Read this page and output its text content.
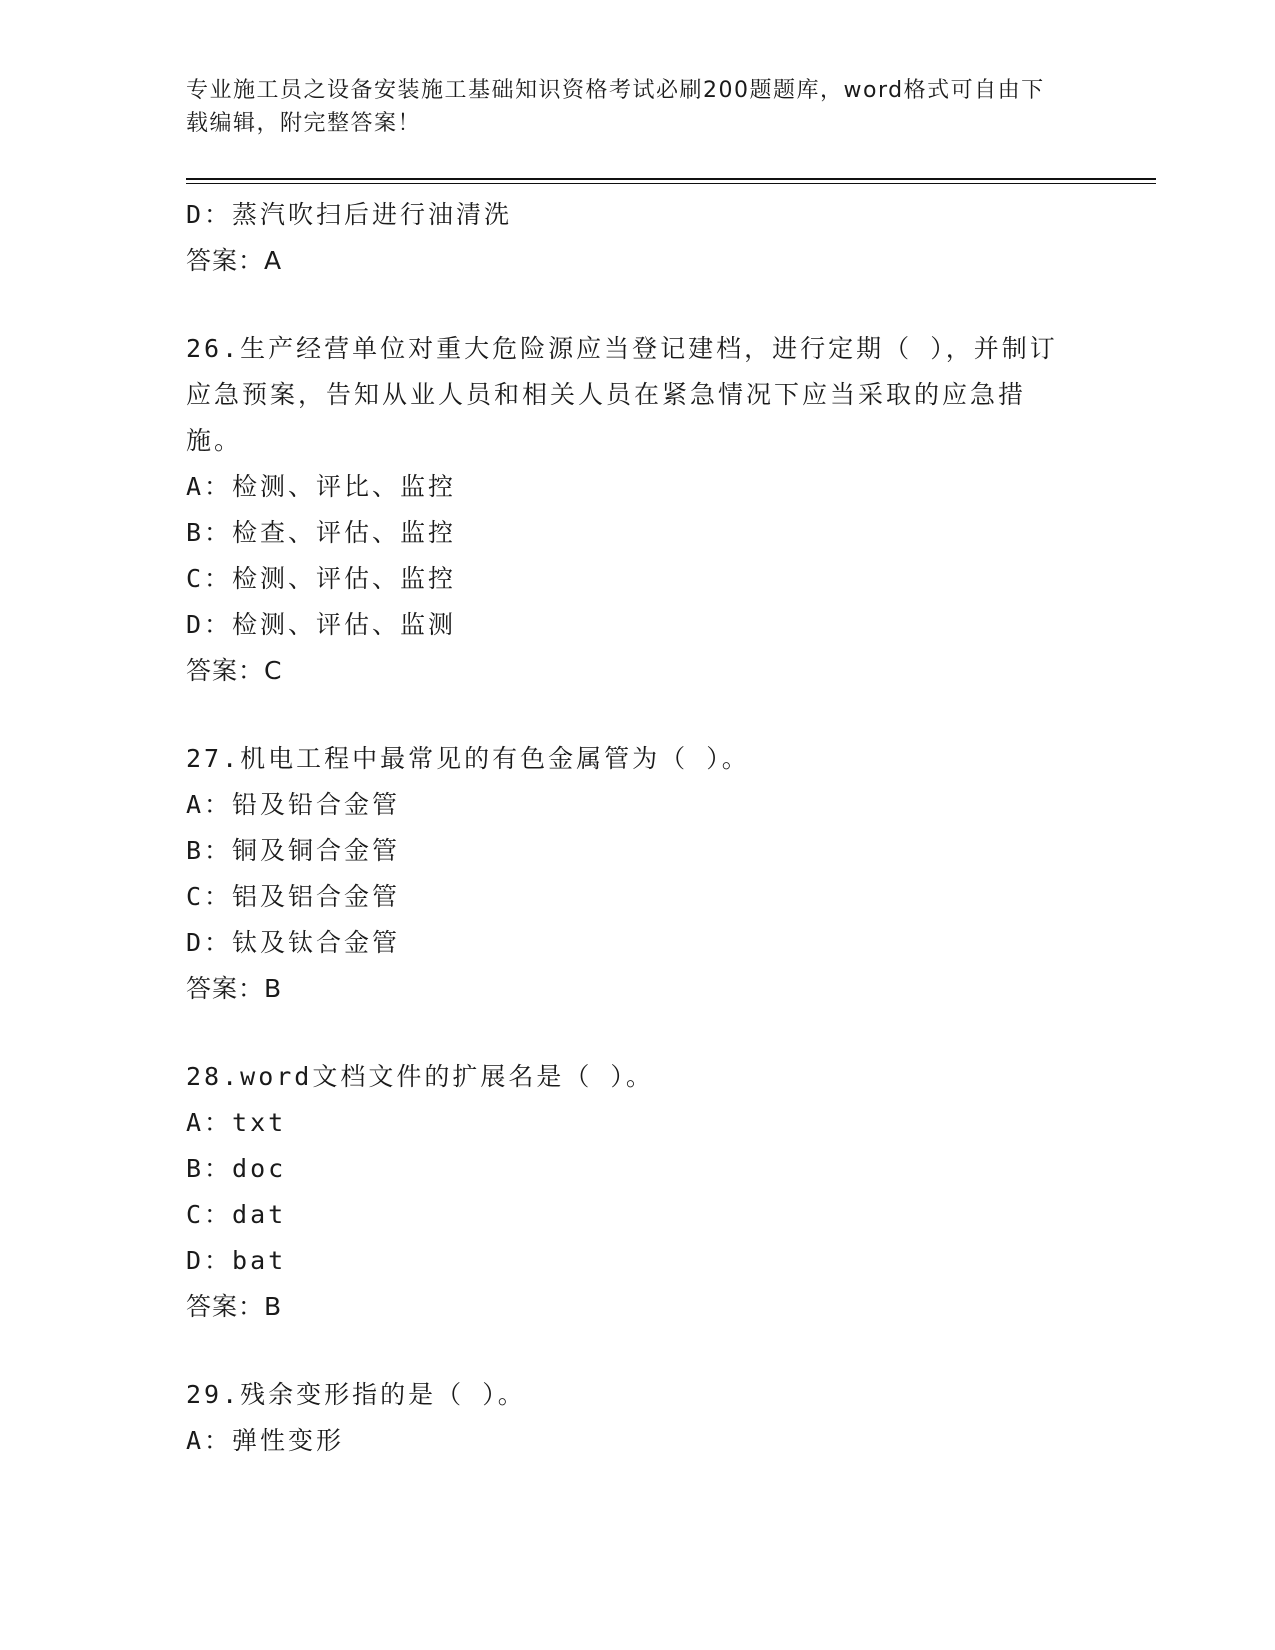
专业施工员之设备安装施工基础知识资格考试必刷200题题库，word格式可自由下载编辑，附完整答案！
D：蒸汽吹扫后进行油清洗
答案：A
26.生产经营单位对重大危险源应当登记建档，进行定期（ ），并制订应急预案，告知从业人员和相关人员在紧急情况下应当采取的应急措施。
A：检测、评比、监控
B：检查、评估、监控
C：检测、评估、监控
D：检测、评估、监测
答案：C
27.机电工程中最常见的有色金属管为（ ）。
A：铅及铅合金管
B：铜及铜合金管
C：铝及铝合金管
D：钛及钛合金管
答案：B
28.word文档文件的扩展名是（ ）。
A：txt
B：doc
C：dat
D：bat
答案：B
29.残余变形指的是（ ）。
A：弹性变形
